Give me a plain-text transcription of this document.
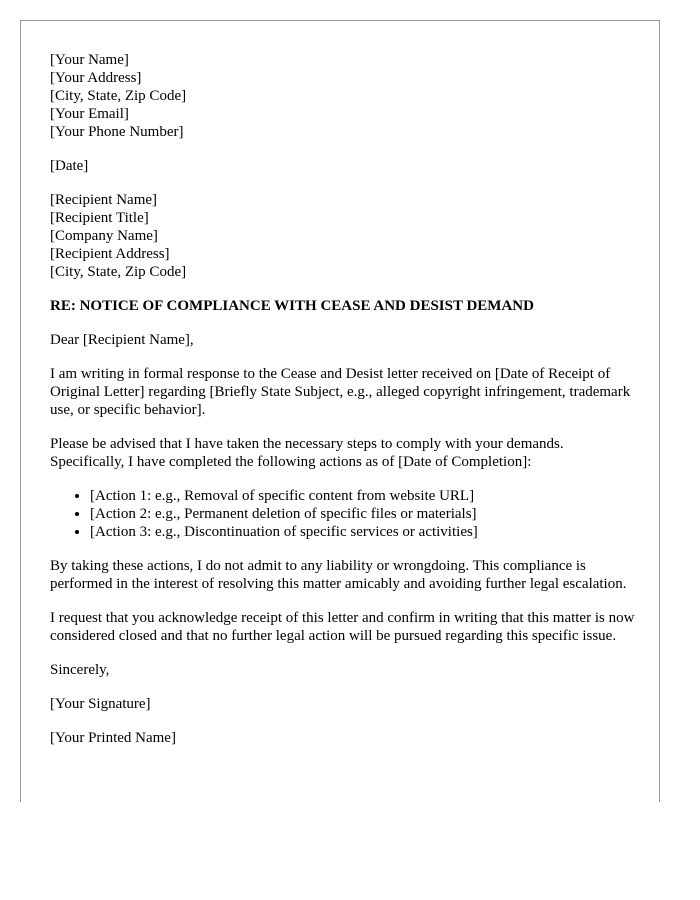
[Your Name]
[Your Address]
[City, State, Zip Code]
[Your Email]
[Your Phone Number]
[Date]
[Recipient Name]
[Recipient Title]
[Company Name]
[Recipient Address]
[City, State, Zip Code]
RE: NOTICE OF COMPLIANCE WITH CEASE AND DESIST DEMAND

Dear [Recipient Name],

I am writing in formal response to the Cease and Desist letter received on [Date of Receipt of Original Letter] regarding [Briefly State Subject, e.g., alleged copyright infringement, trademark use, or specific behavior].

Please be advised that I have taken the necessary steps to comply with your demands. Specifically, I have completed the following actions as of [Date of Completion]:

• [Action 1: e.g., Removal of specific content from website URL]
• [Action 2: e.g., Permanent deletion of specific files or materials]
• [Action 3: e.g., Discontinuation of specific services or activities]

By taking these actions, I do not admit to any liability or wrongdoing. This compliance is performed in the interest of resolving this matter amicably and avoiding further legal escalation.

I request that you acknowledge receipt of this letter and confirm in writing that this matter is now considered closed and that no further legal action will be pursued regarding this specific issue.

Sincerely,

[Your Signature]

[Your Printed Name]
